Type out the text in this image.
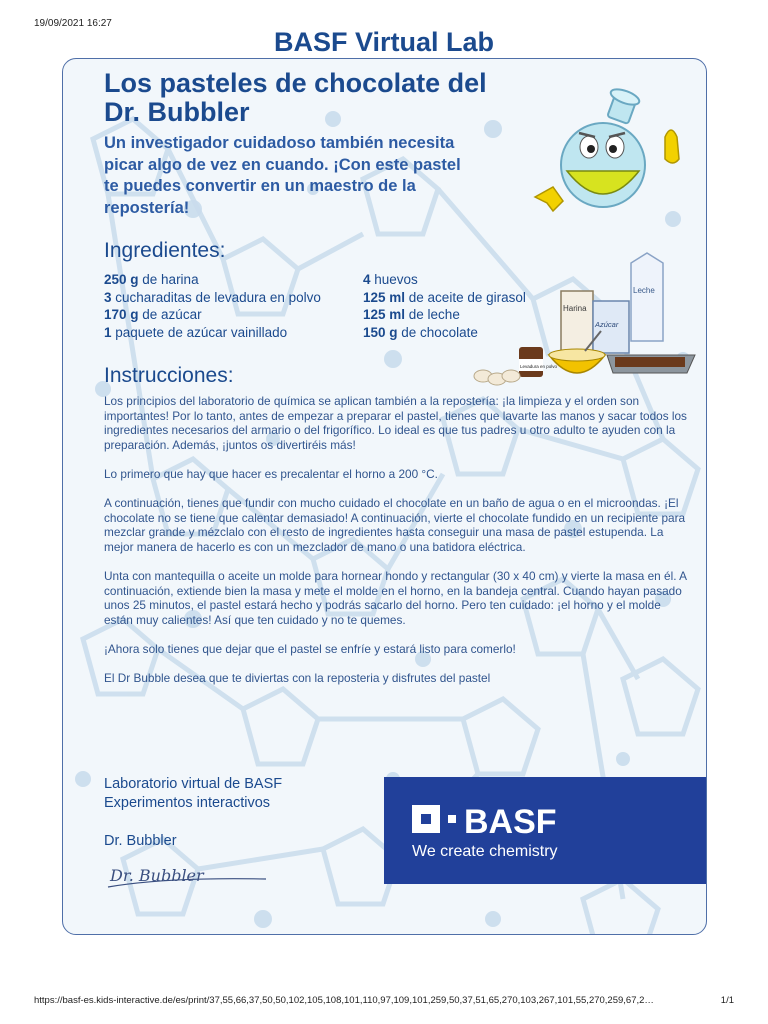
19/09/2021 16:27
BASF Virtual Lab
Los pasteles de chocolate del
Dr. Bubbler
Un investigador cuidadoso también necesita
picar algo de vez en cuando. ¡Con este pastel
te puedes convertir en un maestro de la
repostería!
Ingredientes:
250 g de harina
3 cucharaditas de levadura en polvo
170 g de azúcar
1 paquete de azúcar vainillado
4 huevos
125 ml de aceite de girasol
125 ml de leche
150 g de chocolate
Leche
Harina
Azúcar
Levadura en polvo
Instrucciones:

Los principios del laboratorio de química se aplican también a la repostería: ¡la limpieza y el orden son importantes! Por lo tanto, antes de empezar a preparar el pastel, tienes que lavarte las manos y sacar todos los ingredientes necesarios del armario o del frigorífico. Lo ideal es que tus padres u otro adulto te ayuden con la preparación. Además, ¡juntos os divertiréis más!

Lo primero que hay que hacer es precalentar el horno a 200 °C.

A continuación, tienes que fundir con mucho cuidado el chocolate en un baño de agua o en el microondas. ¡El chocolate no se tiene que calentar demasiado! A continuación, vierte el chocolate fundido en un recipiente para mezclar grande y mézclalo con el resto de ingredientes hasta conseguir una masa de pastel estupenda. La mejor manera de hacerlo es con un mezclador de mano o una batidora eléctrica.

Unta con mantequilla o aceite un molde para hornear hondo y rectangular (30 x 40 cm) y vierte la masa en él. A continuación, extiende bien la masa y mete el molde en el horno, en la bandeja central. Cuando hayan pasado unos 25 minutos, el pastel estará hecho y podrás sacarlo del horno. Pero ten cuidado: ¡el horno y el molde están muy calientes! Así que ten cuidado y no te quemes.

¡Ahora solo tienes que dejar que el pastel se enfríe y estará listo para comerlo!

El Dr Bubble desea que te diviertas con la reposteria y disfrutes del pastel

Laboratorio virtual de BASF
Experimentos interactivos
Dr. Bubbler
Dr. Bubbler
BASF
We create chemistry
https://basf-es.kids-interactive.de/es/print/37,55,66,37,50,50,102,105,108,101,110,97,109,101,259,50,37,51,65,270,103,267,101,55,270,259,67,2…	1/1
